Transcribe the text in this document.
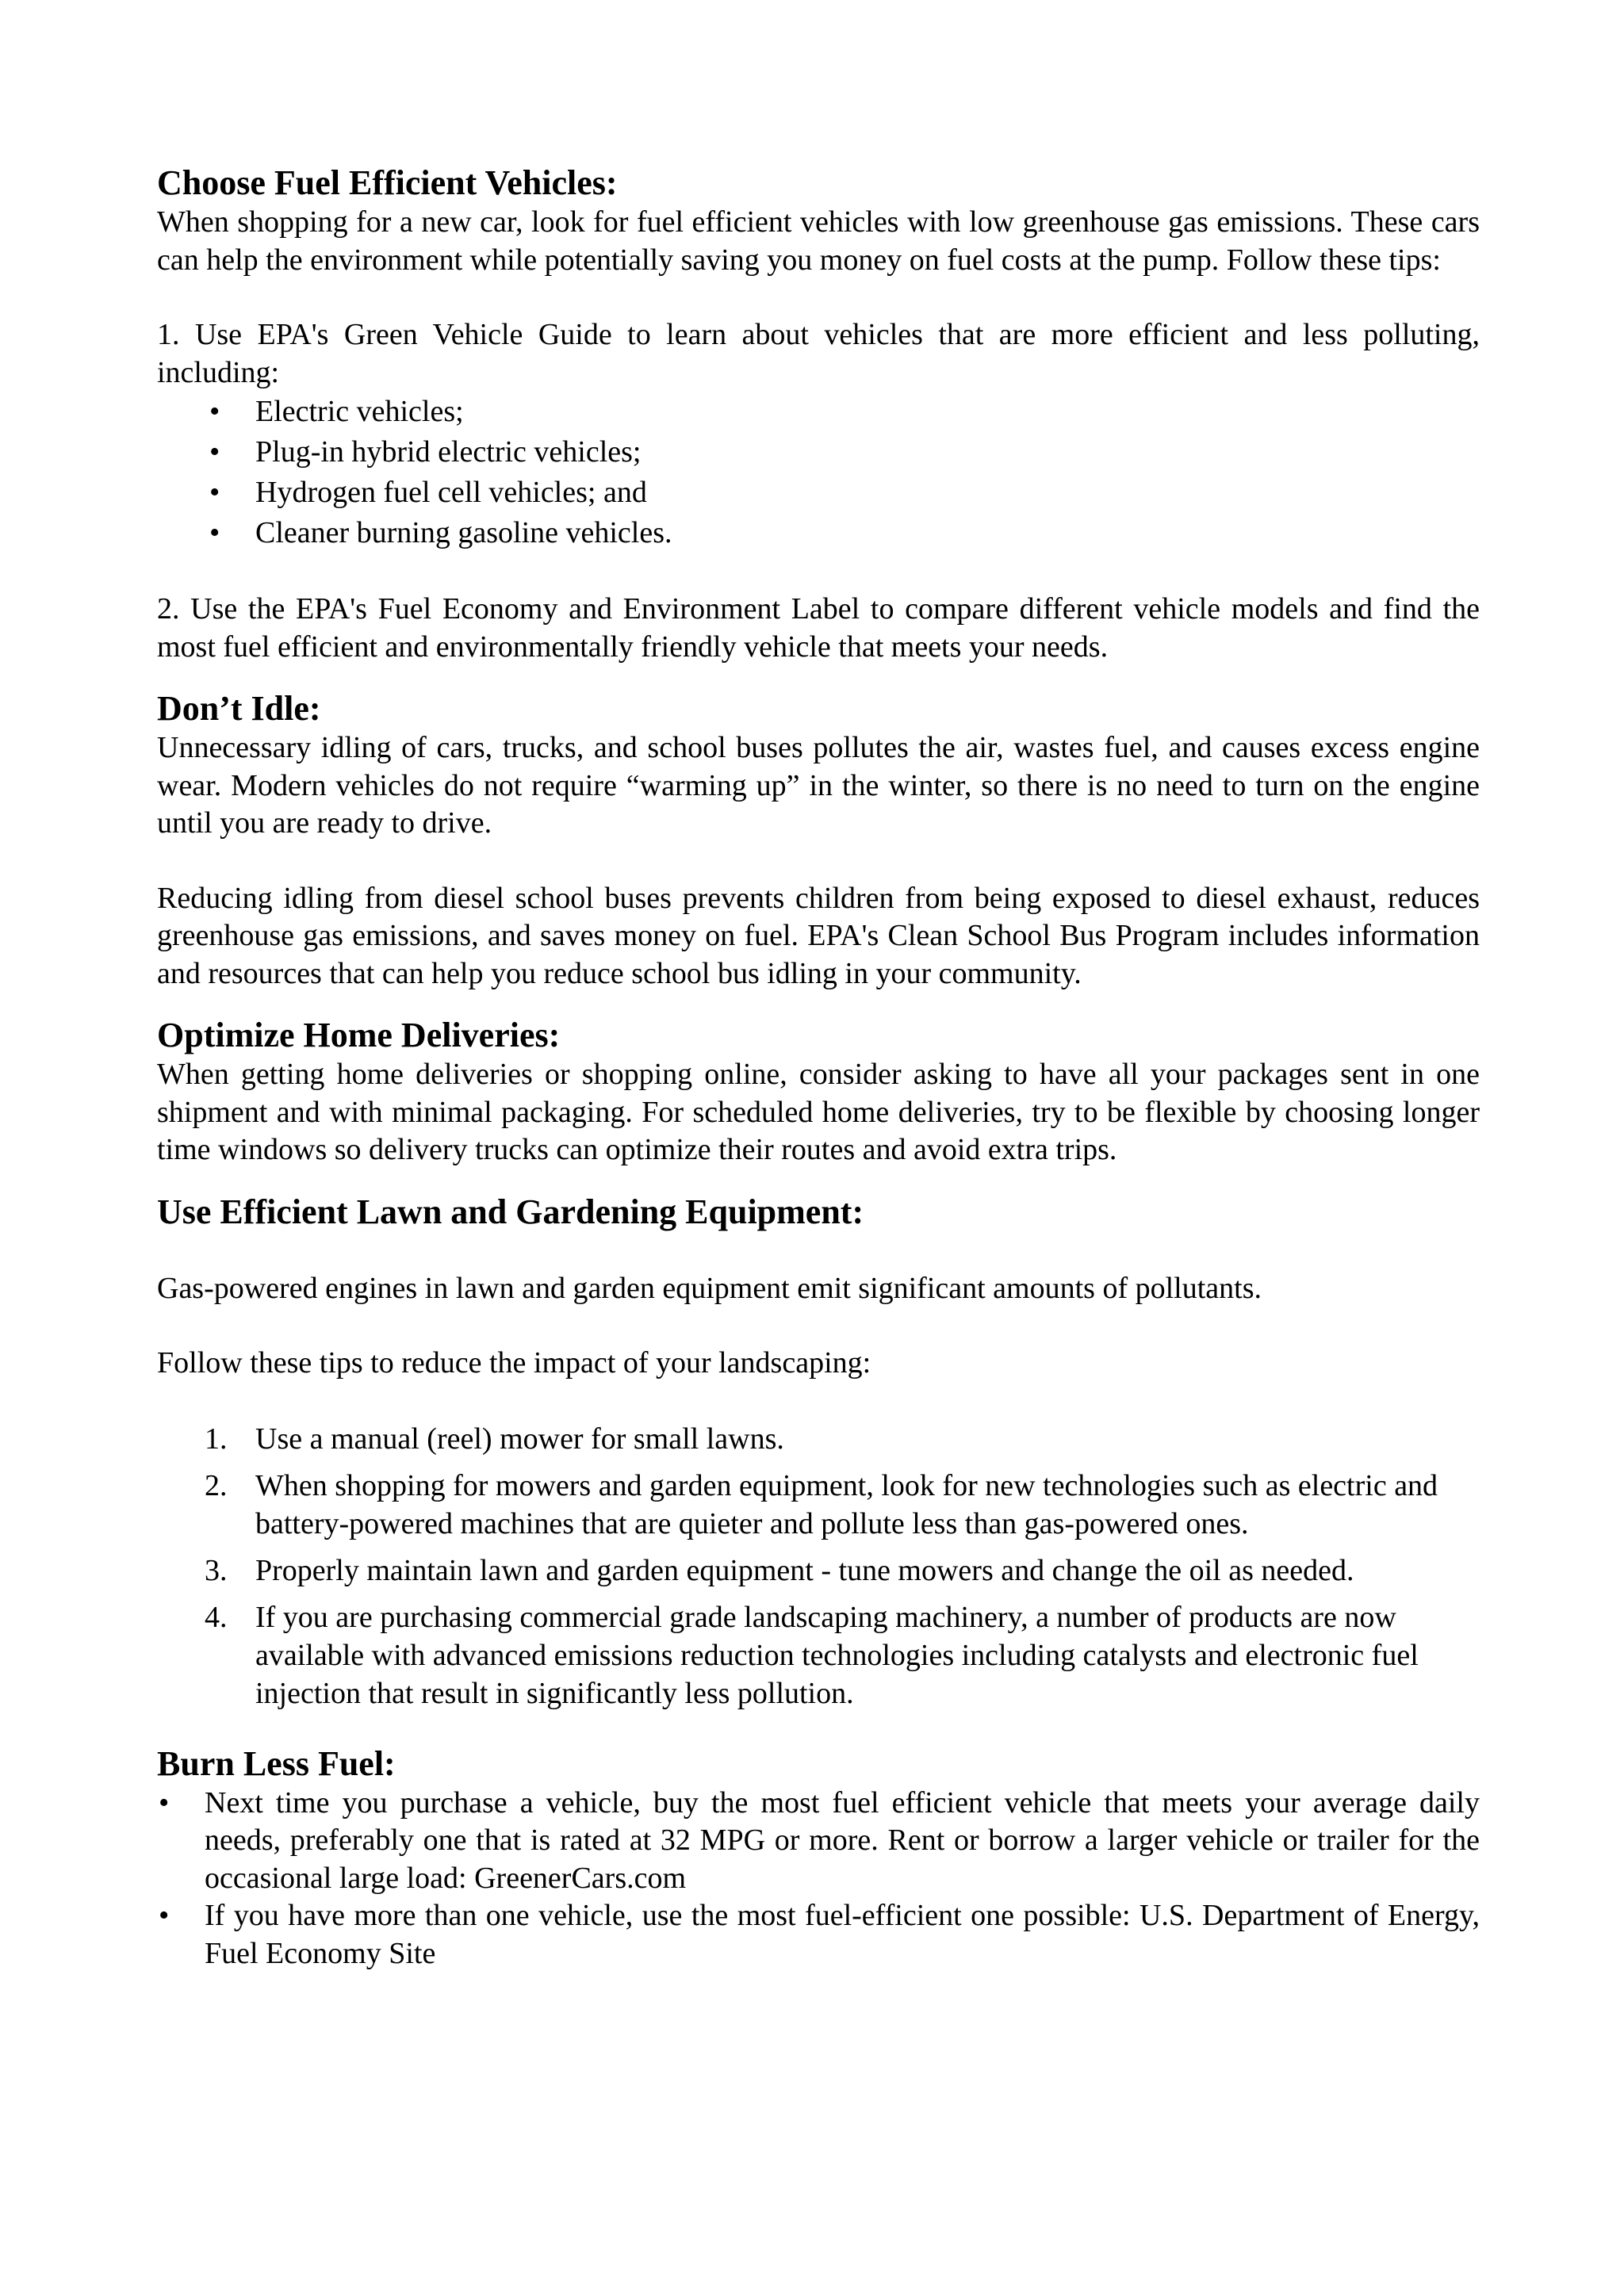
Choose Fuel Efficient Vehicles:

When shopping for a new car, look for fuel efficient vehicles with low greenhouse gas emissions. These cars can help the environment while potentially saving you money on fuel costs at the pump. Follow these tips:

1. Use EPA's Green Vehicle Guide to learn about vehicles that are more efficient and less polluting, including:

• Electric vehicles;
• Plug-in hybrid electric vehicles;
• Hydrogen fuel cell vehicles; and
• Cleaner burning gasoline vehicles.

2. Use the EPA's Fuel Economy and Environment Label to compare different vehicle models and find the most fuel efficient and environmentally friendly vehicle that meets your needs.

Don’t Idle:

Unnecessary idling of cars, trucks, and school buses pollutes the air, wastes fuel, and causes excess engine wear. Modern vehicles do not require “warming up” in the winter, so there is no need to turn on the engine until you are ready to drive.

Reducing idling from diesel school buses prevents children from being exposed to diesel exhaust, reduces greenhouse gas emissions, and saves money on fuel. EPA's Clean School Bus Program includes information and resources that can help you reduce school bus idling in your community.

Optimize Home Deliveries:

When getting home deliveries or shopping online, consider asking to have all your packages sent in one shipment and with minimal packaging. For scheduled home deliveries, try to be flexible by choosing longer time windows so delivery trucks can optimize their routes and avoid extra trips.

Use Efficient Lawn and Gardening Equipment:

Gas-powered engines in lawn and garden equipment emit significant amounts of pollutants.

Follow these tips to reduce the impact of your landscaping:

1. Use a manual (reel) mower for small lawns.
2. When shopping for mowers and garden equipment, look for new technologies such as electric and battery-powered machines that are quieter and pollute less than gas-powered ones.
3. Properly maintain lawn and garden equipment - tune mowers and change the oil as needed.
4. If you are purchasing commercial grade landscaping machinery, a number of products are now available with advanced emissions reduction technologies including catalysts and electronic fuel injection that result in significantly less pollution.
Burn Less Fuel:
• Next time you purchase a vehicle, buy the most fuel efficient vehicle that meets your average daily needs, preferably one that is rated at 32 MPG or more. Rent or borrow a larger vehicle or trailer for the occasional large load: GreenerCars.com
• If you have more than one vehicle, use the most fuel-efficient one possible: U.S. Department of Energy, Fuel Economy Site
